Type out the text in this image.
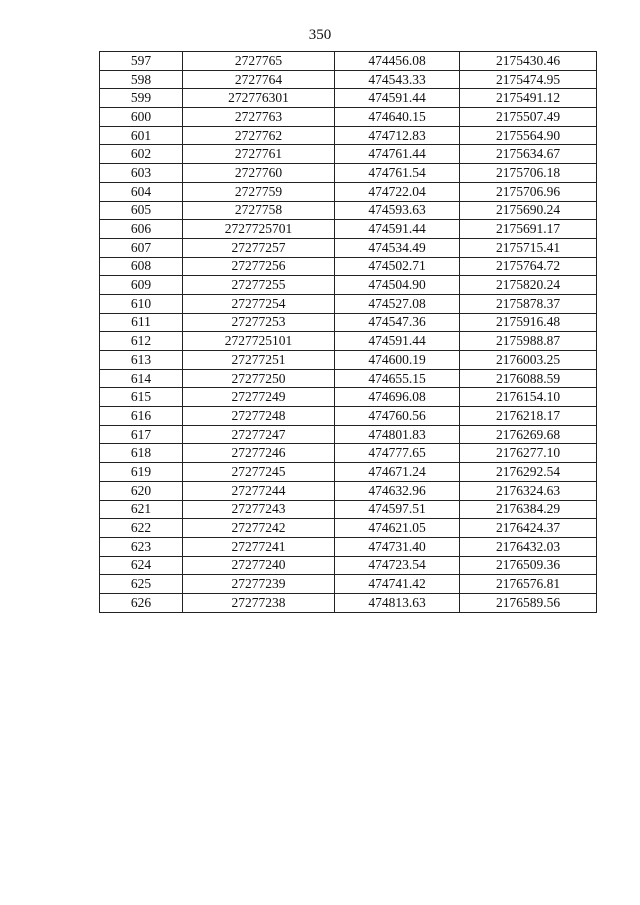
350
597	2727765	474456.08	2175430.46
598	2727764	474543.33	2175474.95
599	272776301	474591.44	2175491.12
600	2727763	474640.15	2175507.49
601	2727762	474712.83	2175564.90
602	2727761	474761.44	2175634.67
603	2727760	474761.54	2175706.18
604	2727759	474722.04	2175706.96
605	2727758	474593.63	2175690.24
606	2727725701	474591.44	2175691.17
607	27277257	474534.49	2175715.41
608	27277256	474502.71	2175764.72
609	27277255	474504.90	2175820.24
610	27277254	474527.08	2175878.37
611	27277253	474547.36	2175916.48
612	2727725101	474591.44	2175988.87
613	27277251	474600.19	2176003.25
614	27277250	474655.15	2176088.59
615	27277249	474696.08	2176154.10
616	27277248	474760.56	2176218.17
617	27277247	474801.83	2176269.68
618	27277246	474777.65	2176277.10
619	27277245	474671.24	2176292.54
620	27277244	474632.96	2176324.63
621	27277243	474597.51	2176384.29
622	27277242	474621.05	2176424.37
623	27277241	474731.40	2176432.03
624	27277240	474723.54	2176509.36
625	27277239	474741.42	2176576.81
626	27277238	474813.63	2176589.56
